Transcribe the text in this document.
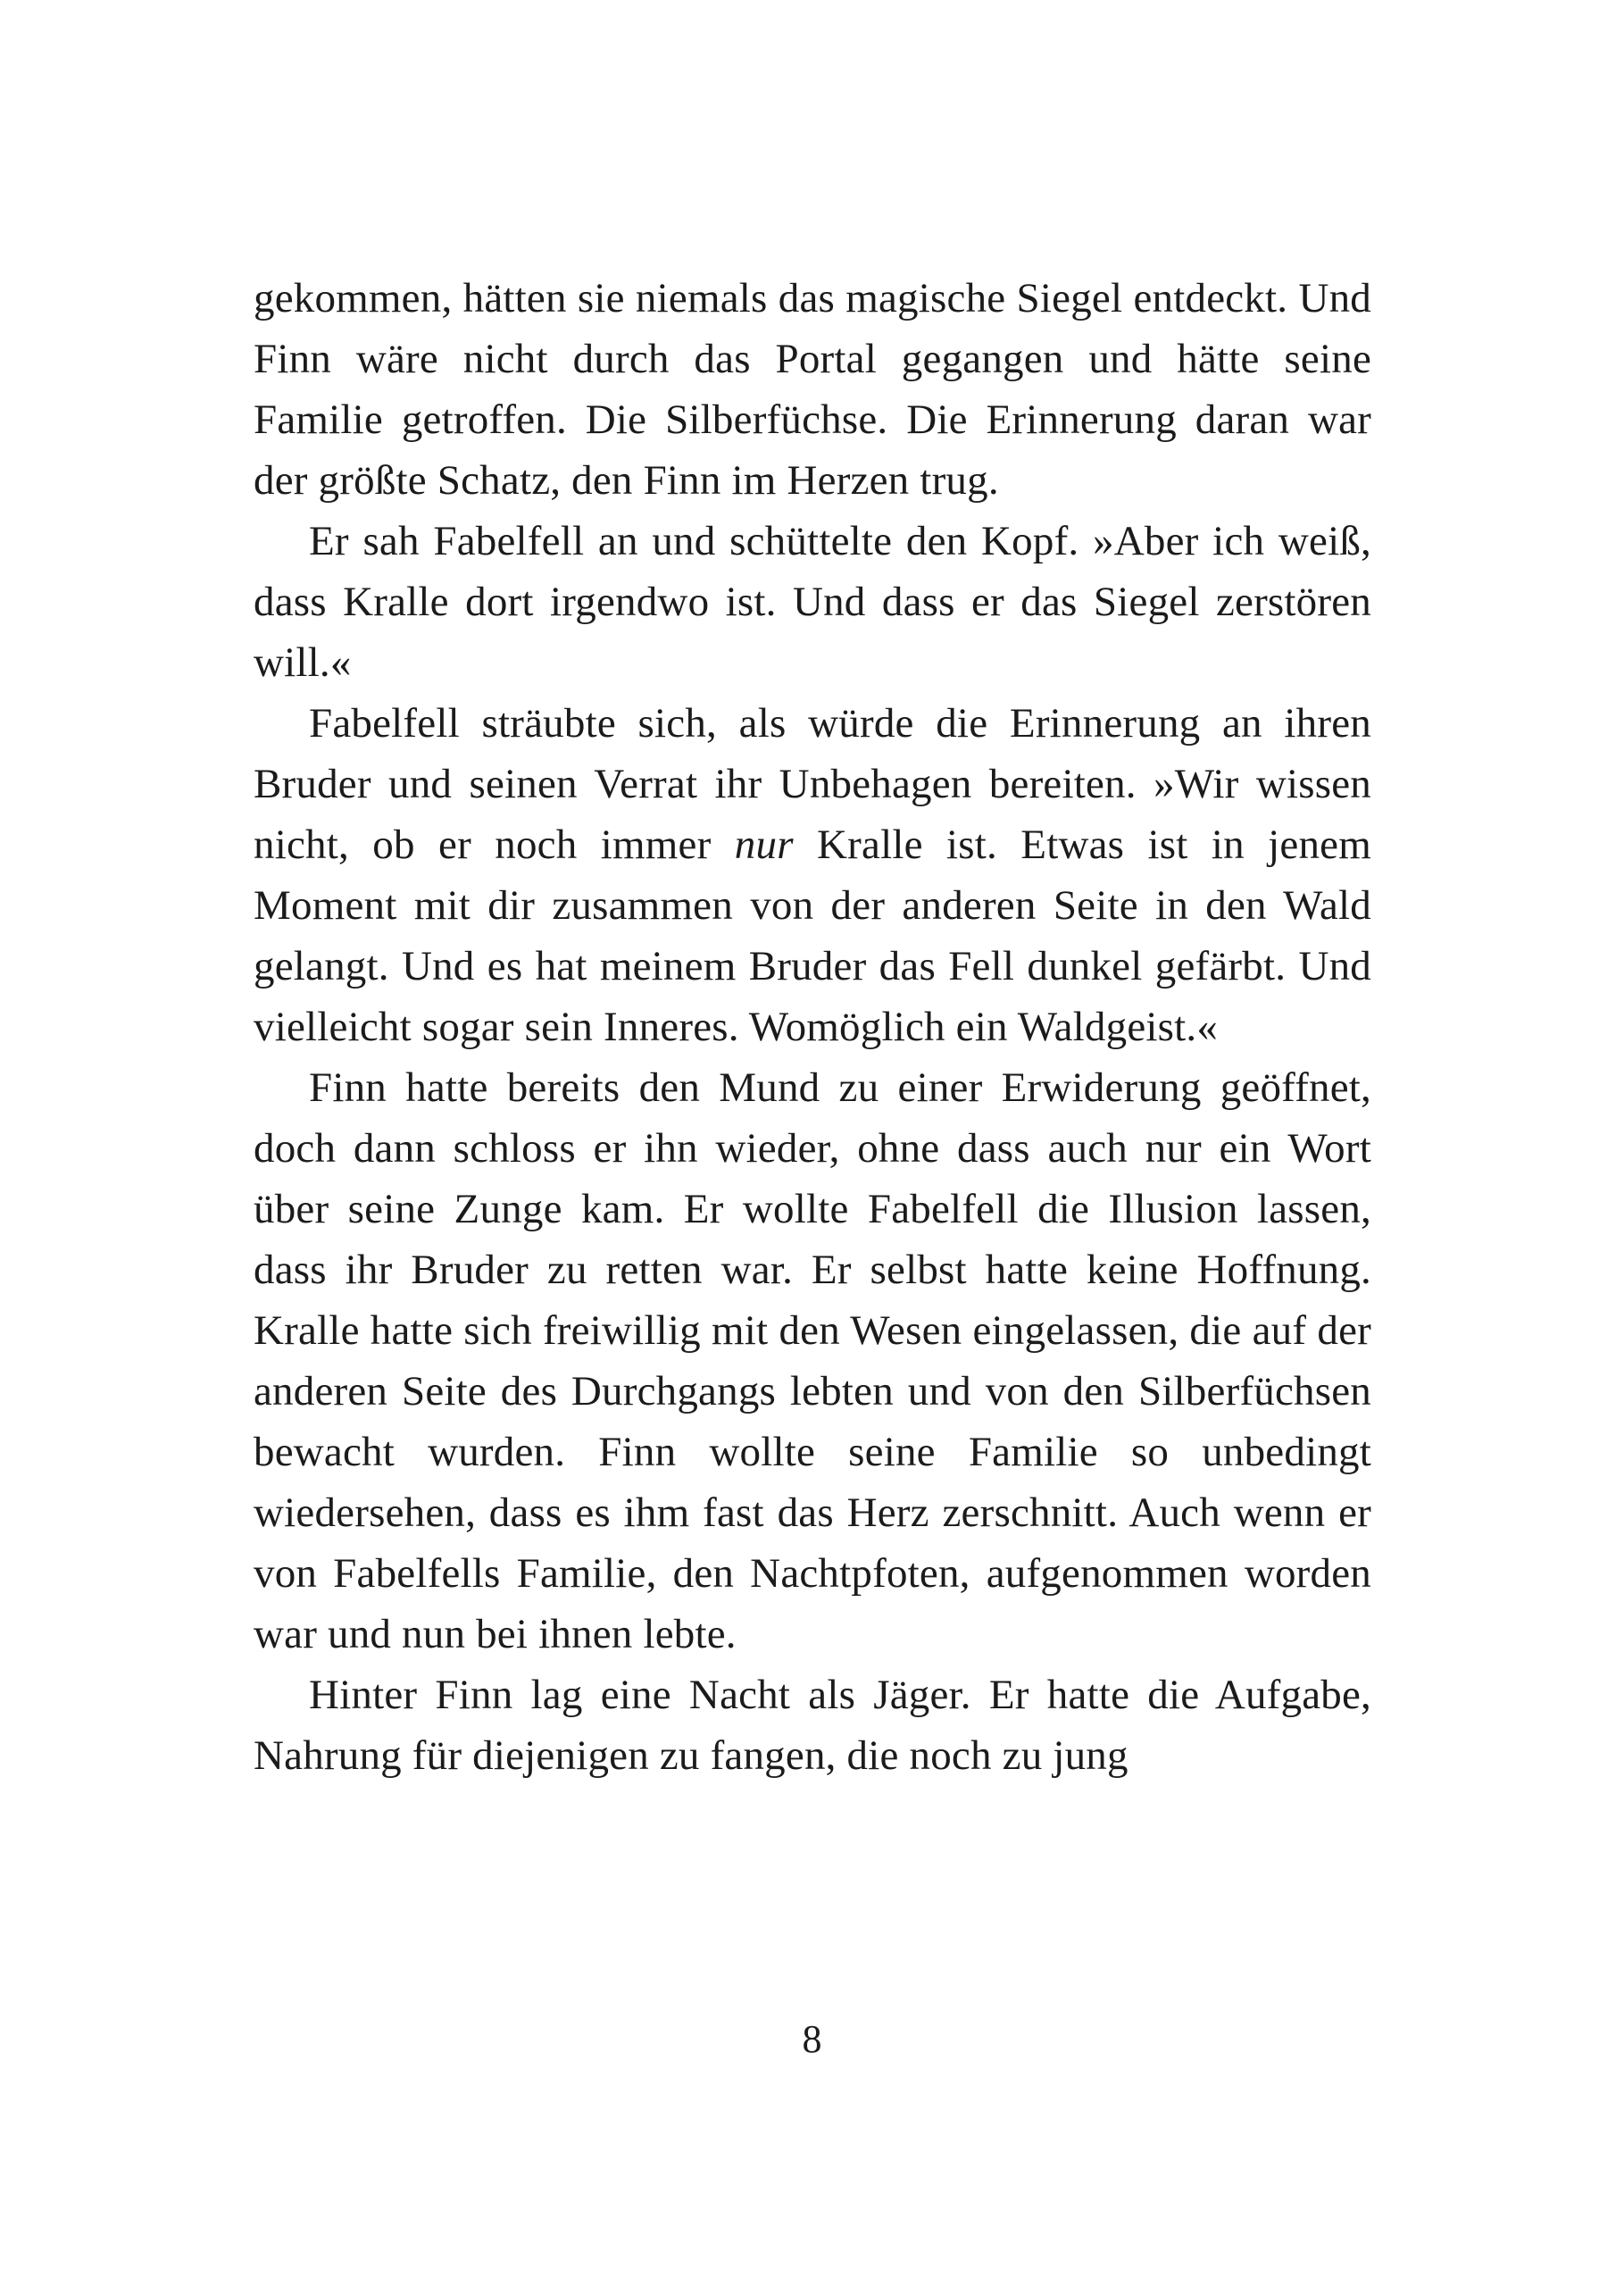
gekommen, hätten sie niemals das magische Siegel entdeckt. Und Finn wäre nicht durch das Portal gegangen und hätte seine Familie getroffen. Die Silberfüchse. Die Erinnerung daran war der größte Schatz, den Finn im Herzen trug.

Er sah Fabelfell an und schüttelte den Kopf. »Aber ich weiß, dass Kralle dort irgendwo ist. Und dass er das Siegel zerstören will.«

Fabelfell sträubte sich, als würde die Erinnerung an ihren Bruder und seinen Verrat ihr Unbehagen bereiten. »Wir wissen nicht, ob er noch immer nur Kralle ist. Etwas ist in jenem Moment mit dir zusammen von der anderen Seite in den Wald gelangt. Und es hat meinem Bruder das Fell dunkel gefärbt. Und vielleicht sogar sein Inneres. Womöglich ein Waldgeist.«

Finn hatte bereits den Mund zu einer Erwiderung geöffnet, doch dann schloss er ihn wieder, ohne dass auch nur ein Wort über seine Zunge kam. Er wollte Fabelfell die Illusion lassen, dass ihr Bruder zu retten war. Er selbst hatte keine Hoffnung. Kralle hatte sich freiwillig mit den Wesen eingelassen, die auf der anderen Seite des Durchgangs lebten und von den Silberfüchsen bewacht wurden. Finn wollte seine Familie so unbedingt wiedersehen, dass es ihm fast das Herz zerschnitt. Auch wenn er von Fabelfells Familie, den Nachtpfoten, aufgenommen worden war und nun bei ihnen lebte.

Hinter Finn lag eine Nacht als Jäger. Er hatte die Aufgabe, Nahrung für diejenigen zu fangen, die noch zu jung

8
